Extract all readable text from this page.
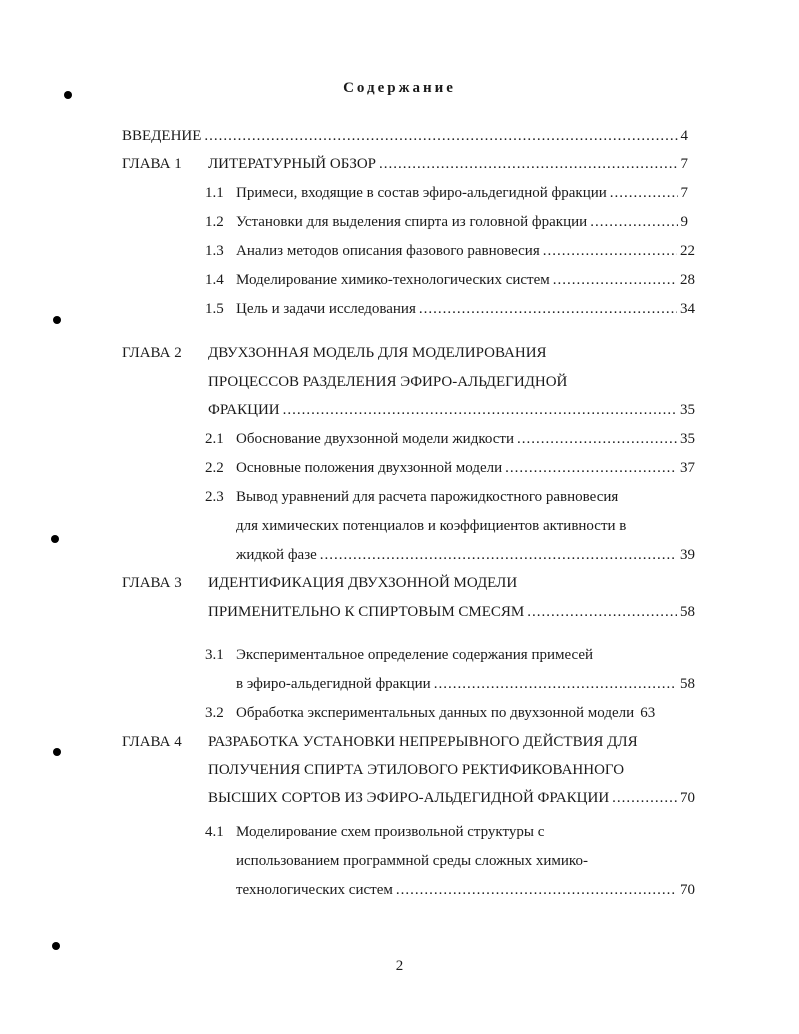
Содержание
ВВЕДЕНИЕ .....	4
ГЛАВА 1 ЛИТЕРАТУРНЫЙ ОБЗОР .....	7
1.1 Примеси, входящие в состав эфиро-альдегидной фракции .....	7
1.2 Установки для выделения спирта из головной фракции .....	9
1.3 Анализ методов описания фазового равновесия .....	22
1.4 Моделирование химико-технологических систем .....	28
1.5 Цель и задачи исследования .....	34
ГЛАВА 2 ДВУХЗОННАЯ МОДЕЛЬ ДЛЯ МОДЕЛИРОВАНИЯ
ПРОЦЕССОВ РАЗДЕЛЕНИЯ ЭФИРО-АЛЬДЕГИДНОЙ
ФРАКЦИИ .....	35
2.1 Обоснование двухзонной модели жидкости .....	35
2.2 Основные положения двухзонной модели .....	37
2.3 Вывод уравнений для расчета парожидкостного равновесия
для химических потенциалов и коэффициентов активности в
жидкой фазе .....	39
ГЛАВА 3 ИДЕНТИФИКАЦИЯ ДВУХЗОННОЙ МОДЕЛИ
ПРИМЕНИТЕЛЬНО К СПИРТОВЫМ СМЕСЯМ .....	58
3.1 Экспериментальное определение содержания примесей
в эфиро-альдегидной фракции .....	58
3.2 Обработка экспериментальных данных по двухзонной модели 63
ГЛАВА 4 РАЗРАБОТКА УСТАНОВКИ НЕПРЕРЫВНОГО ДЕЙСТВИЯ ДЛЯ
ПОЛУЧЕНИЯ СПИРТА ЭТИЛОВОГО РЕКТИФИКОВАННОГО
ВЫСШИХ СОРТОВ ИЗ ЭФИРО-АЛЬДЕГИДНОЙ ФРАКЦИИ .....	70
4.1 Моделирование схем произвольной структуры с
использованием программной среды сложных химико-
технологических систем .....	70
2
